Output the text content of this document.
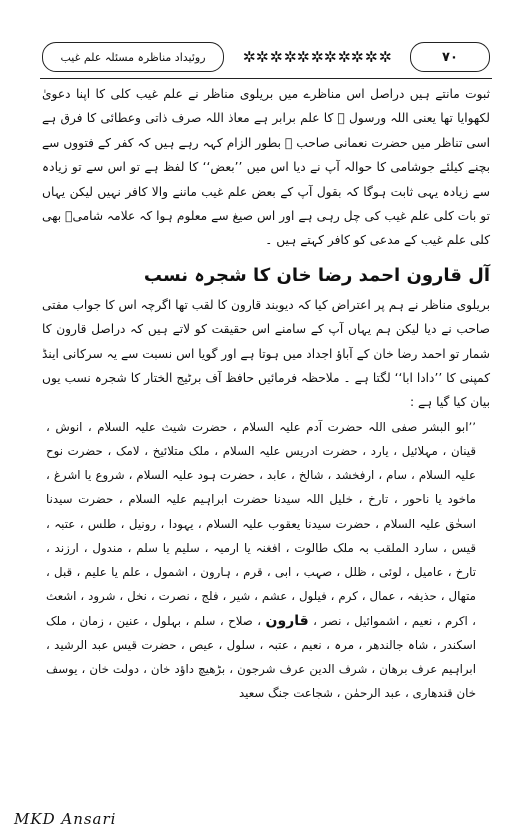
روئیداد مناظرہ مسئلہ علم غیب	✲ ✲ ✲ ✲ ✲ ✲ ✲ ✲ ✲ ✲ ✲	۷۰

ثبوت مانتے ہیں دراصل اس مناظرے میں بریلوی مناظر نے علم غیب کلی کا اپنا دعویٰ لکھوایا تھا یعنی اللہ ورسول ﷺ کا علم برابر ہے معاذ اللہ صرف ذاتی وعطائی کا فرق ہے اسی تناظر میں حضرت نعمانی صاحب ؒ بطور الزام کہہ رہے ہیں کہ کفر کے فتووں سے بچنے کیلئے جوشامی کا حوالہ آپ نے دیا اس میں ’’بعض‘‘ کا لفظ ہے تو اس سے تو زیادہ سے زیادہ یہی ثابت ہوگا کہ بقول آپ کے بعض علم غیب ماننے والا کافر نہیں لیکن یہاں تو بات کلی علم غیب کی چل رہی ہے اور اس صیغ سے معلوم ہوا کہ علامہ شامیؒ بھی کلی علم غیب کے مدعی کو کافر کہتے ہیں ۔

آل قارون احمد رضا خان کا شجرہ نسب

بریلوی مناظر نے ہم پر اعتراض کیا کہ دیوبند قارون کا لقب تھا اگرچہ اس کا جواب مفتی صاحب نے دیا لیکن ہم یہاں آپ کے سامنے اس حقیقت کو لاتے ہیں کہ دراصل قارون کا شمار تو احمد رضا خان کے آباؤ اجداد میں ہوتا ہے اور گویا اس نسبت سے یہ سرکانی اینڈ کمپنی کا ’’دادا ابا‘‘ لگتا ہے ۔ ملاحظہ فرمائیں حافظ آف برٹیج الختار کا شجرہ نسب یوں بیان کیا گیا ہے :

’’ابو البشر صفی اللہ حضرت آدم علیہ السلام ، حضرت شیث علیہ السلام ، انوش ، قینان ، مہلائیل ، یارد ، حضرت ادریس علیہ السلام ، ملک متلائیخ ، لامک ، حضرت نوح علیہ السلام ، سام ، ارفخشد ، شالخ ، عابد ، حضرت ہود علیہ السلام ، شروع یا اشرغ ، ماخود یا ناحور ، تارخ ، خلیل اللہ سیدنا حضرت ابراہیم علیہ السلام ، حضرت سیدنا اسحٰق علیہ السلام ، حضرت سیدنا یعقوب علیہ السلام ، یہودا ، رونیل ، طلس ، عتبہ ، قیس ، سارد الملقب بہ ملک طالوت ، افغنہ یا ارمیہ ، سلیم یا سلم ، مندول ، ارزند ، تارخ ، عامیل ، لوئی ، ظلل ، صہب ، ابی ، قرم ، ہارون ، اشمول ، علم یا علیم ، قبل ، متھال ، حذیفہ ، عمال ، کرم ، فیلول ، عشم ، شیر ، فلج ، نصرت ، نخل ، شرود ، اشعث ، اکرم ، نعیم ، اشموائیل ، نصر ، قارون ، صلاح ، سلم ، بہلول ، عنین ، زمان ، ملک اسکندر ، شاہ جالندھر ، مرہ ، نعیم ، عتبہ ، سلول ، عیص ، حضرت قیس عبد الرشید ، ابراہیم عرف برھان ، شرف الدین عرف شرجون ، بڑھیچ داؤد خان ، دولت خان ، یوسف خان قندھاری ، عبد الرحمٰن ، شجاعت جنگ سعید

MKD Ansari
